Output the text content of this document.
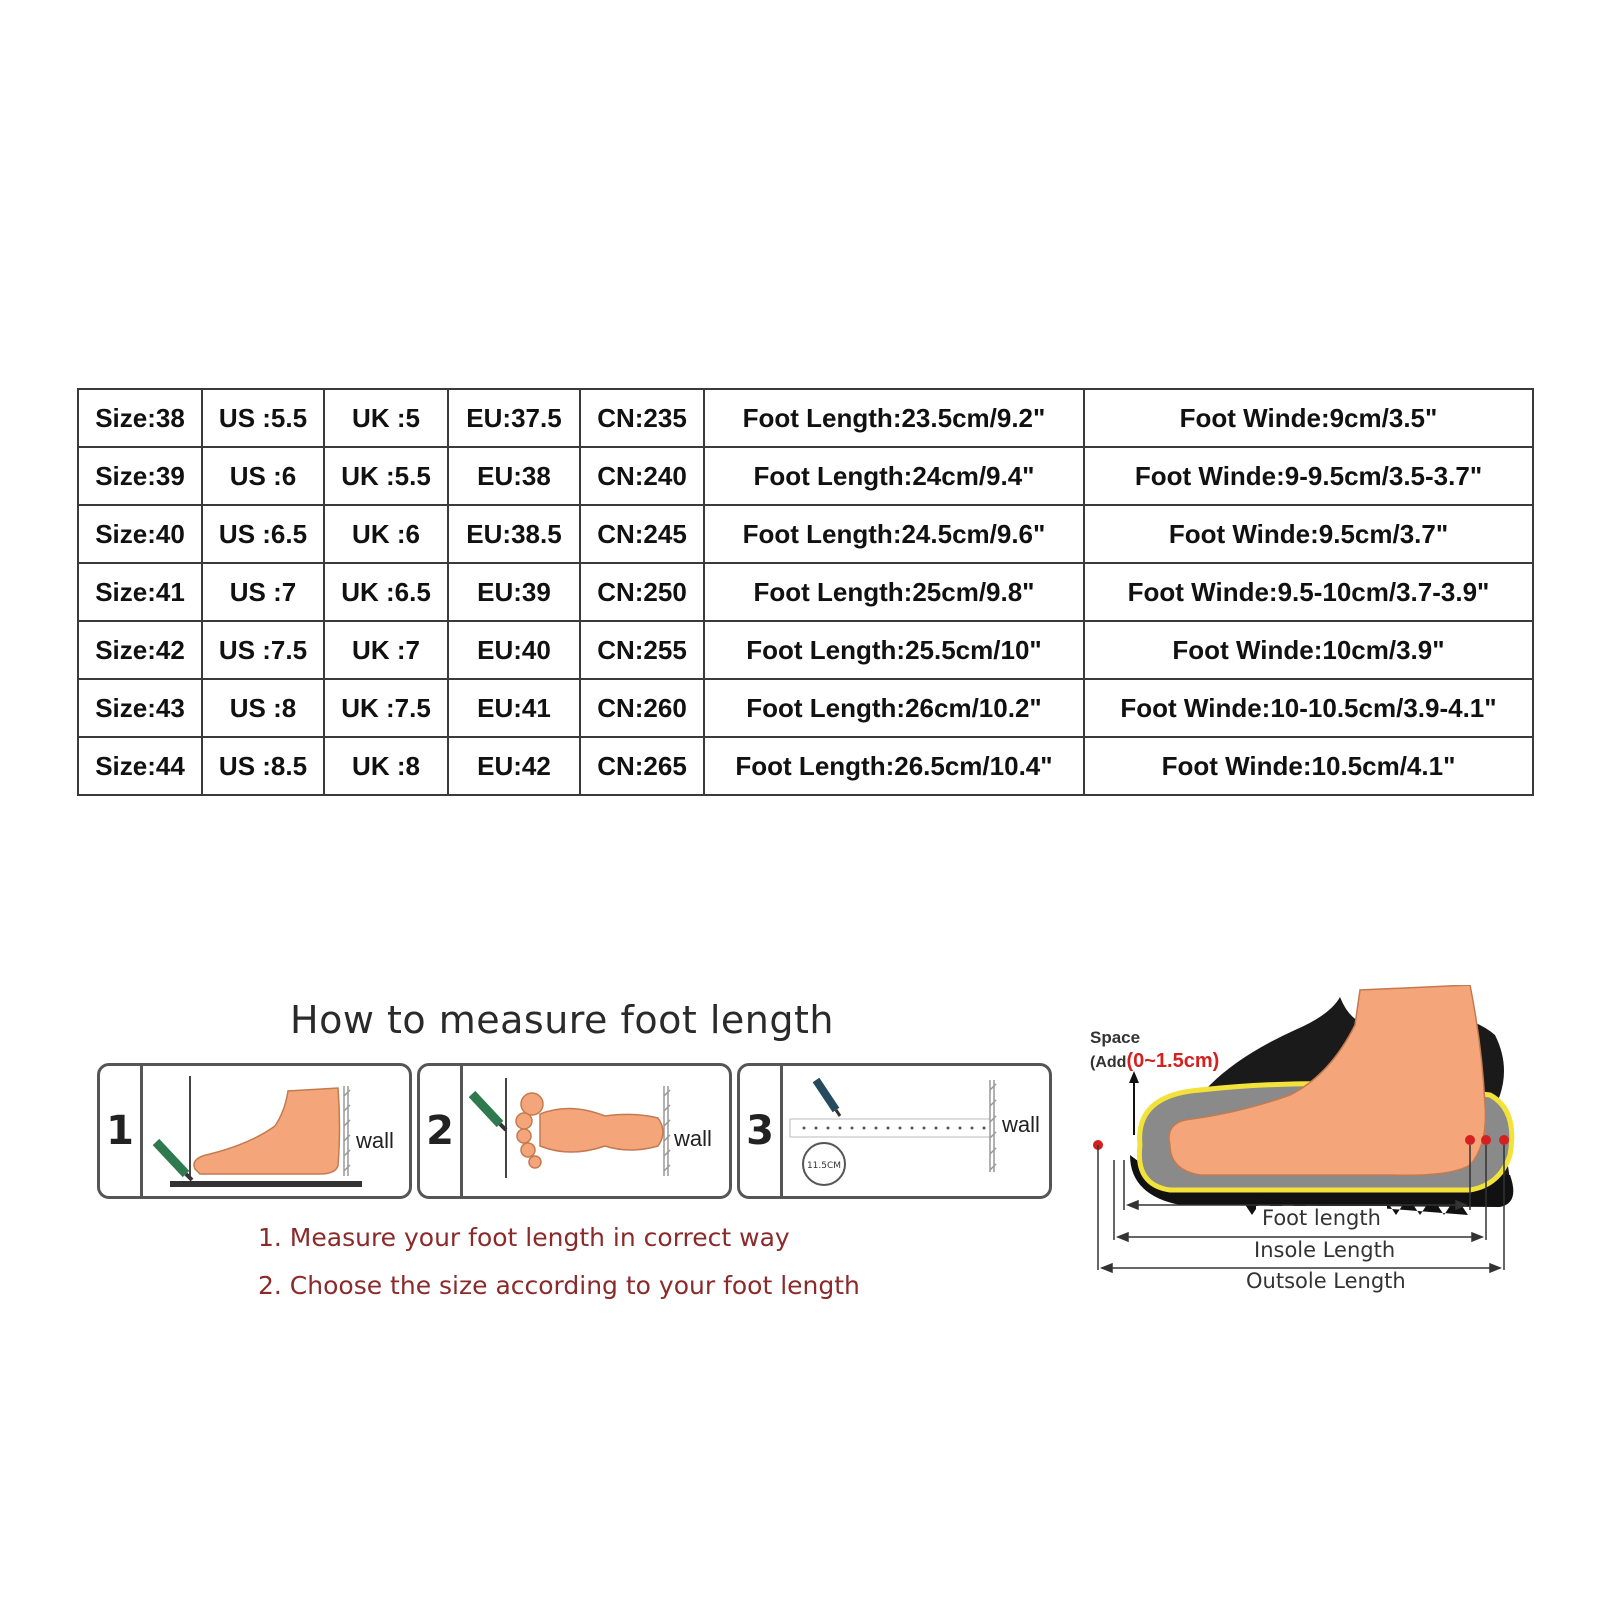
Size:38	US :5.5	UK :5	EU:37.5	CN:235	Foot Length:23.5cm/9.2"	Foot Winde:9cm/3.5"
Size:39	US :6	UK :5.5	EU:38	CN:240	Foot Length:24cm/9.4"	Foot Winde:9-9.5cm/3.5-3.7"
Size:40	US :6.5	UK :6	EU:38.5	CN:245	Foot Length:24.5cm/9.6"	Foot Winde:9.5cm/3.7"
Size:41	US :7	UK :6.5	EU:39	CN:250	Foot Length:25cm/9.8"	Foot Winde:9.5-10cm/3.7-3.9"
Size:42	US :7.5	UK :7	EU:40	CN:255	Foot Length:25.5cm/10"	Foot Winde:10cm/3.9"
Size:43	US :8	UK :7.5	EU:41	CN:260	Foot Length:26cm/10.2"	Foot Winde:10-10.5cm/3.9-4.1"
Size:44	US :8.5	UK :8	EU:42	CN:265	Foot Length:26.5cm/10.4"	Foot Winde:10.5cm/4.1"
How to measure foot length
1	wall 2	wall 3
11.5CM
wall
1. Measure your foot length in correct way
2. Choose the size according to your foot length
Space
(Add(0~1.5cm)
Foot length
Insole Length
Outsole Length
